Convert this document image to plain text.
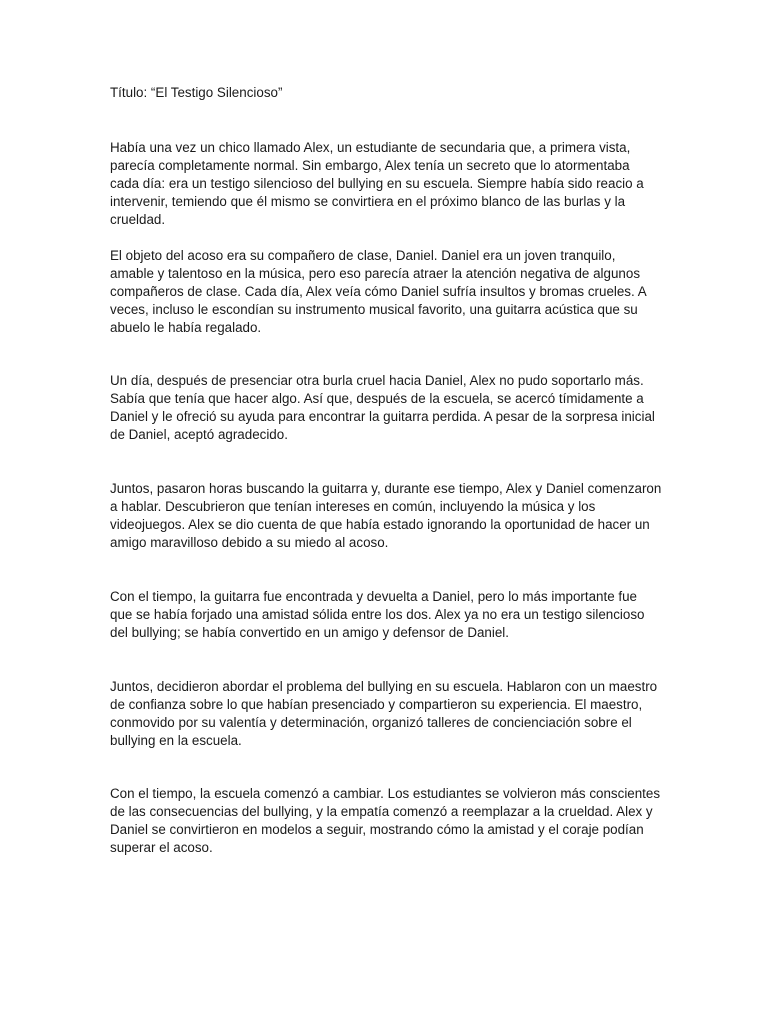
Título: “El Testigo Silencioso”

Había una vez un chico llamado Alex, un estudiante de secundaria que, a primera vista, parecía completamente normal. Sin embargo, Alex tenía un secreto que lo atormentaba cada día: era un testigo silencioso del bullying en su escuela. Siempre había sido reacio a intervenir, temiendo que él mismo se convirtiera en el próximo blanco de las burlas y la crueldad.

El objeto del acoso era su compañero de clase, Daniel. Daniel era un joven tranquilo, amable y talentoso en la música, pero eso parecía atraer la atención negativa de algunos compañeros de clase. Cada día, Alex veía cómo Daniel sufría insultos y bromas crueles. A veces, incluso le escondían su instrumento musical favorito, una guitarra acústica que su abuelo le había regalado.

Un día, después de presenciar otra burla cruel hacia Daniel, Alex no pudo soportarlo más. Sabía que tenía que hacer algo. Así que, después de la escuela, se acercó tímidamente a Daniel y le ofreció su ayuda para encontrar la guitarra perdida. A pesar de la sorpresa inicial de Daniel, aceptó agradecido.

Juntos, pasaron horas buscando la guitarra y, durante ese tiempo, Alex y Daniel comenzaron a hablar. Descubrieron que tenían intereses en común, incluyendo la música y los videojuegos. Alex se dio cuenta de que había estado ignorando la oportunidad de hacer un amigo maravilloso debido a su miedo al acoso.

Con el tiempo, la guitarra fue encontrada y devuelta a Daniel, pero lo más importante fue que se había forjado una amistad sólida entre los dos. Alex ya no era un testigo silencioso del bullying; se había convertido en un amigo y defensor de Daniel.

Juntos, decidieron abordar el problema del bullying en su escuela. Hablaron con un maestro de confianza sobre lo que habían presenciado y compartieron su experiencia. El maestro, conmovido por su valentía y determinación, organizó talleres de concienciación sobre el bullying en la escuela.

Con el tiempo, la escuela comenzó a cambiar. Los estudiantes se volvieron más conscientes de las consecuencias del bullying, y la empatía comenzó a reemplazar a la crueldad. Alex y Daniel se convirtieron en modelos a seguir, mostrando cómo la amistad y el coraje podían superar el acoso.
